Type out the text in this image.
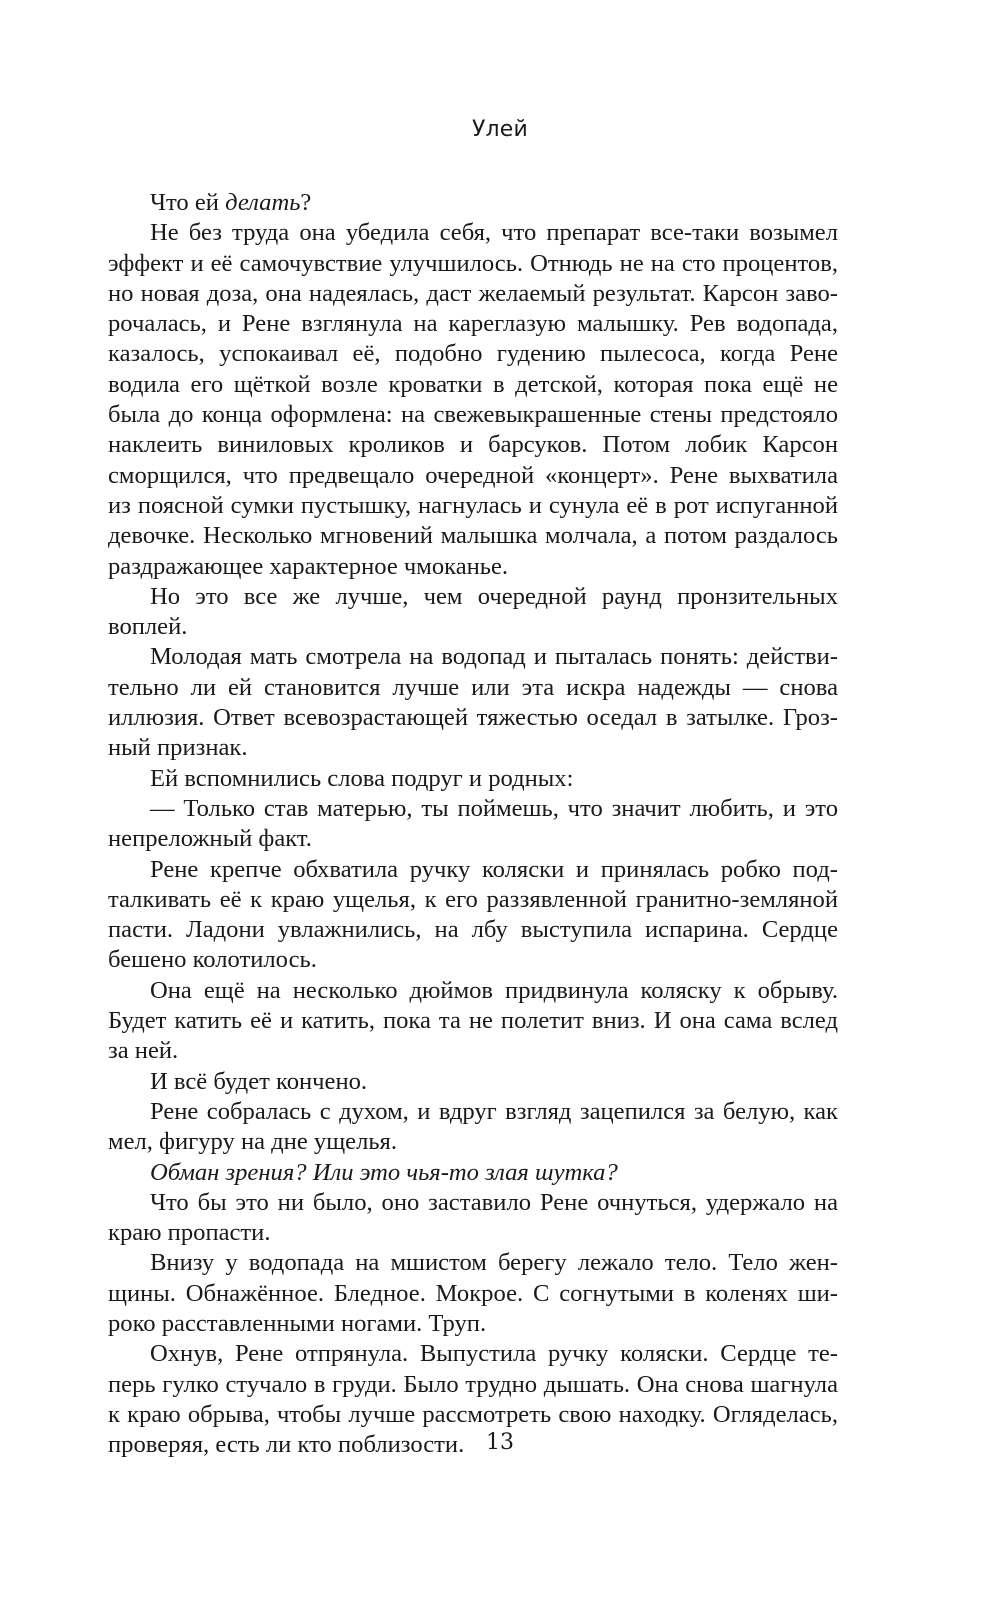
Улей

Что ей делать?

Не без труда она убедила себя, что препарат все-таки возымел эффект и её самочувствие улучшилось. Отнюдь не на сто процентов, но новая доза, она надеялась, даст желаемый результат. Карсон заворочалась, и Рене взглянула на кареглазую малышку. Рев водопада, казалось, успокаивал её, подобно гудению пылесоса, когда Рене водила его щёткой возле кроватки в детской, которая пока ещё не была до конца оформлена: на свежевыкрашенные стены предстояло наклеить виниловых кроликов и барсуков. Потом лобик Карсон сморщился, что предвещало очередной «концерт». Рене выхватила из поясной сумки пустышку, нагнулась и сунула её в рот испуганной девочке. Несколько мгновений малышка молчала, а потом раздалось раздражающее характерное чмоканье.

Но это все же лучше, чем очередной раунд пронзительных воплей.

Молодая мать смотрела на водопад и пыталась понять: действительно ли ей становится лучше или эта искра надежды — снова иллюзия. Ответ всевозрастающей тяжестью оседал в затылке. Грозный признак.

Ей вспомнились слова подруг и родных:

— Только став матерью, ты поймешь, что значит любить, и это непреложный факт.

Рене крепче обхватила ручку коляски и принялась робко подталкивать её к краю ущелья, к его раззявленной гранитно-земляной пасти. Ладони увлажнились, на лбу выступила испарина. Сердце бешено колотилось.

Она ещё на несколько дюймов придвинула коляску к обрыву. Будет катить её и катить, пока та не полетит вниз. И она сама вслед за ней.

И всё будет кончено.

Рене собралась с духом, и вдруг взгляд зацепился за белую, как мел, фигуру на дне ущелья.

Обман зрения? Или это чья-то злая шутка?

Что бы это ни было, оно заставило Рене очнуться, удержало на краю пропасти.

Внизу у водопада на мшистом берегу лежало тело. Тело женщины. Обнажённое. Бледное. Мокрое. С согнутыми в коленях широко расставленными ногами. Труп.

Охнув, Рене отпрянула. Выпустила ручку коляски. Сердце теперь гулко стучало в груди. Было трудно дышать. Она снова шагнула к краю обрыва, чтобы лучше рассмотреть свою находку. Огляделась, проверяя, есть ли кто поблизости. 13
